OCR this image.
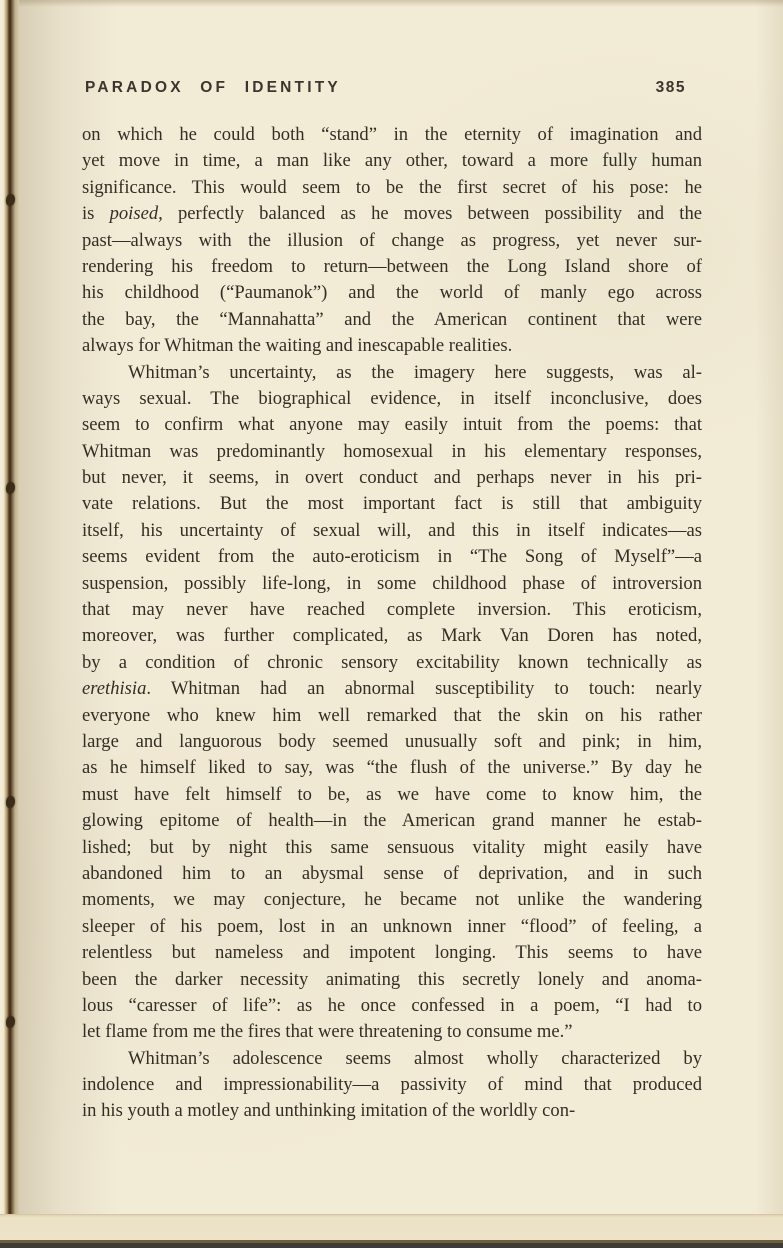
PARADOX OF IDENTITY	385
on which he could both “stand” in the eternity of imagination and
yet move in time, a man like any other, toward a more fully human
significance. This would seem to be the first secret of his pose: he
is poised, perfectly balanced as he moves between possibility and the
past—always with the illusion of change as progress, yet never sur-
rendering his freedom to return—between the Long Island shore of
his childhood (“Paumanok”) and the world of manly ego across
the bay, the “Mannahatta” and the American continent that were
always for Whitman the waiting and inescapable realities.
Whitman’s uncertainty, as the imagery here suggests, was al-
ways sexual. The biographical evidence, in itself inconclusive, does
seem to confirm what anyone may easily intuit from the poems: that
Whitman was predominantly homosexual in his elementary responses,
but never, it seems, in overt conduct and perhaps never in his pri-
vate relations. But the most important fact is still that ambiguity
itself, his uncertainty of sexual will, and this in itself indicates—as
seems evident from the auto-eroticism in “The Song of Myself”—a
suspension, possibly life-long, in some childhood phase of introversion
that may never have reached complete inversion. This eroticism,
moreover, was further complicated, as Mark Van Doren has noted,
by a condition of chronic sensory excitability known technically as
erethisia. Whitman had an abnormal susceptibility to touch: nearly
everyone who knew him well remarked that the skin on his rather
large and languorous body seemed unusually soft and pink; in him,
as he himself liked to say, was “the flush of the universe.” By day he
must have felt himself to be, as we have come to know him, the
glowing epitome of health—in the American grand manner he estab-
lished; but by night this same sensuous vitality might easily have
abandoned him to an abysmal sense of deprivation, and in such
moments, we may conjecture, he became not unlike the wandering
sleeper of his poem, lost in an unknown inner “flood” of feeling, a
relentless but nameless and impotent longing. This seems to have
been the darker necessity animating this secretly lonely and anoma-
lous “caresser of life”: as he once confessed in a poem, “I had to
let flame from me the fires that were threatening to consume me.”
Whitman’s adolescence seems almost wholly characterized by
indolence and impressionability—a passivity of mind that produced
in his youth a motley and unthinking imitation of the worldly con-
